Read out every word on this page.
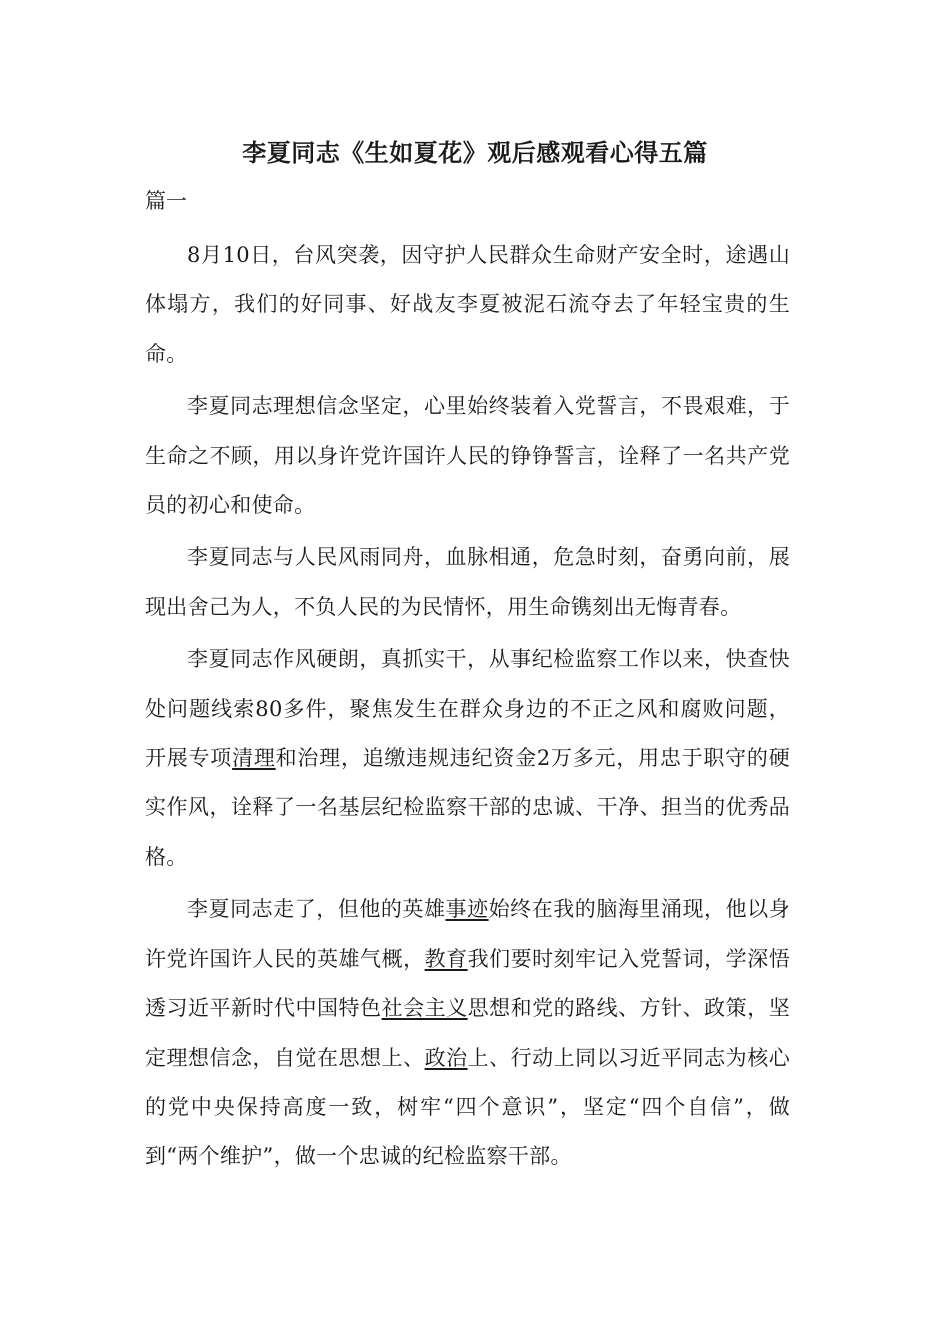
李夏同志《生如夏花》观后感观看心得五篇
篇一

8月10日，台风突袭，因守护人民群众生命财产安全时，途遇山体塌方，我们的好同事、好战友李夏被泥石流夺去了年轻宝贵的生命。

李夏同志理想信念坚定，心里始终装着入党誓言，不畏艰难，于生命之不顾，用以身许党许国许人民的铮铮誓言，诠释了一名共产党员的初心和使命。

李夏同志与人民风雨同舟，血脉相通，危急时刻，奋勇向前，展现出舍己为人，不负人民的为民情怀，用生命镌刻出无悔青春。

李夏同志作风硬朗，真抓实干，从事纪检监察工作以来，快查快处问题线索80多件，聚焦发生在群众身边的不正之风和腐败问题，开展专项清理和治理，追缴违规违纪资金2万多元，用忠于职守的硬实作风，诠释了一名基层纪检监察干部的忠诚、干净、担当的优秀品格。

李夏同志走了，但他的英雄事迹始终在我的脑海里涌现，他以身许党许国许人民的英雄气概，教育我们要时刻牢记入党誓词，学深悟透习近平新时代中国特色社会主义思想和党的路线、方针、政策，坚定理想信念，自觉在思想上、政治上、行动上同以习近平同志为核心的党中央保持高度一致，树牢“四个意识”，坚定“四个自信”，做到“两个维护”，做一个忠诚的纪检监察干部。
